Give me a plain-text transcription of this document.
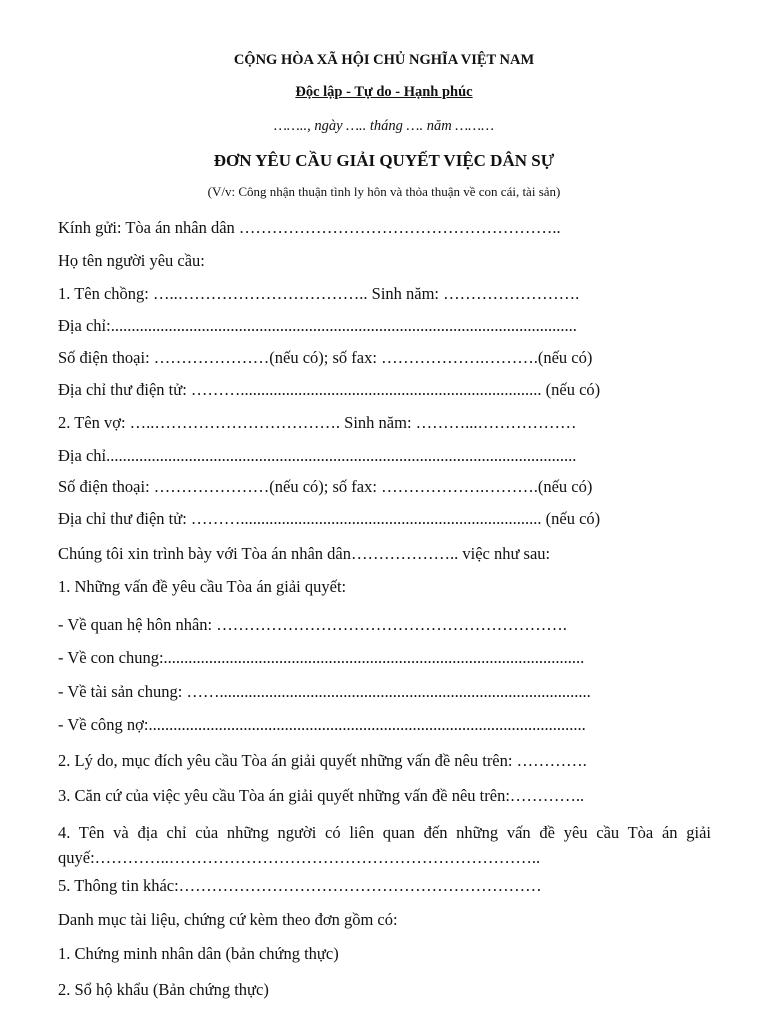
CỘNG HÒA XÃ HỘI CHỦ NGHĨA VIỆT NAM
Độc lập - Tự do - Hạnh phúc
…….., ngày ….. tháng …. năm ………
ĐƠN YÊU CẦU GIẢI QUYẾT VIỆC DÂN SỰ
(V/v: Công nhận thuận tình ly hôn và thỏa thuận về con cái, tài sản)
Kính gửi: Tòa án nhân dân …………………………………………………..
Họ tên người yêu cầu:
1. Tên chồng: …..…………………………….. Sinh năm: …………………….
Địa chỉ:.................................................................................................................
Số điện thoại: …………………(nếu có); số fax: ……………….……….(nếu có)
Địa chỉ thư điện tử: ………......................................................................... (nếu có)
2. Tên vợ: …..……………………………. Sinh năm: ………...………………
Địa chỉ..................................................................................................................
Số điện thoại: …………………(nếu có); số fax: ……………….……….(nếu có)
Địa chỉ thư điện tử: ………......................................................................... (nếu có)
Chúng tôi xin trình bày với Tòa án nhân dân……………….. việc như sau:
1. Những vấn đề yêu cầu Tòa án giải quyết:
- Về quan hệ hôn nhân: ……………………………………………………….
- Về con chung:......................................................................................................
- Về tài sản chung: ……..........................................................................................
- Về công nợ:..........................................................................................................
2. Lý do, mục đích yêu cầu Tòa án giải quyết những vấn đề nêu trên: ………….
3. Căn cứ của việc yêu cầu Tòa án giải quyết những vấn đề nêu trên:…………..
4. Tên và địa chỉ của những người có liên quan đến những vấn đề yêu cầu Tòa án giải quyế:…………..…………………………………………………………..
5. Thông tin khác:…………………………………………………………
Danh mục tài liệu, chứng cứ kèm theo đơn gồm có:
1. Chứng minh nhân dân (bản chứng thực)
2. Sổ hộ khẩu (Bản chứng thực)
